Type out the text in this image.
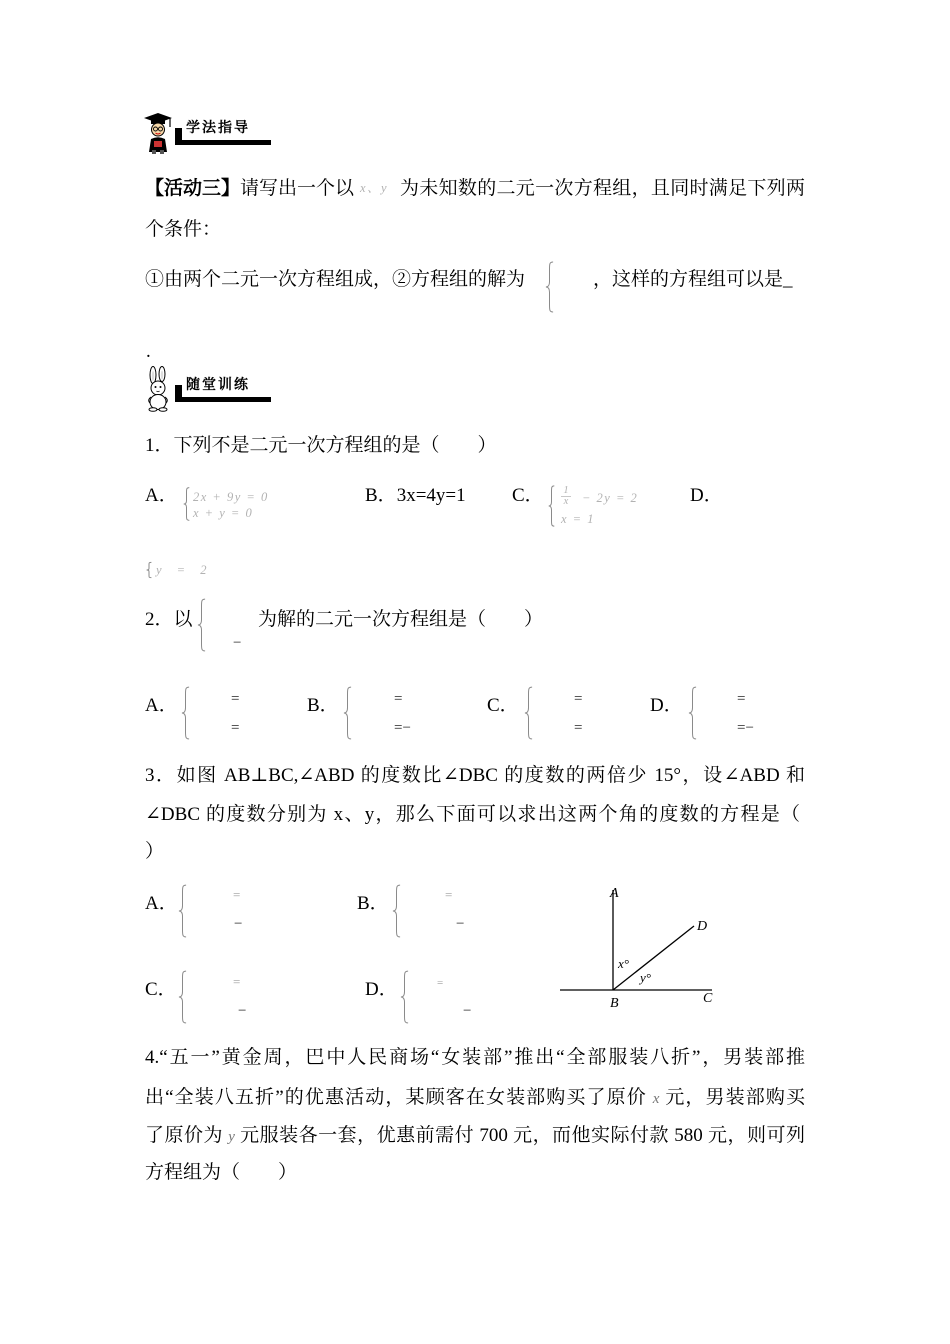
学法指导
【活动三】请写出一个以 x、y 为未知数的二元一次方程组，且同时满足下列两
个条件：
①由两个二元一次方程组成，②方程组的解为	，这样的方程组可以是_
.
随堂训练
1．下列不是二元一次方程组的是（　　）
A． 2x + 9y = 0
x + y = 0
B．3x=4y=1 C． $\frac{1}{x} - 2y = 2$
x = 1
D．
y = 2
2．以
−
为解的二元一次方程组是（　　）
A．	=
=
B．	=
=−
C．	=
=
D．	=
=−
3．如图 AB⊥BC,∠ABD 的度数比∠DBC 的度数的两倍少 15°，设∠ABD 和
∠DBC 的度数分别为 x、y，那么下面可以求出这两个角的度数的方程是（
）
A．	=
−
B．	=
−
C．	=
−
D．	=
−
A
D
B	C
x°
y°
4.“五一”黄金周，巴中人民商场“女装部”推出“全部服装八折”，男装部推
出“全装八五折”的优惠活动，某顾客在女装部购买了原价 x 元，男装部购买
了原价为 y 元服装各一套，优惠前需付 700 元，而他实际付款 580 元，则可列
方程组为（　　）
